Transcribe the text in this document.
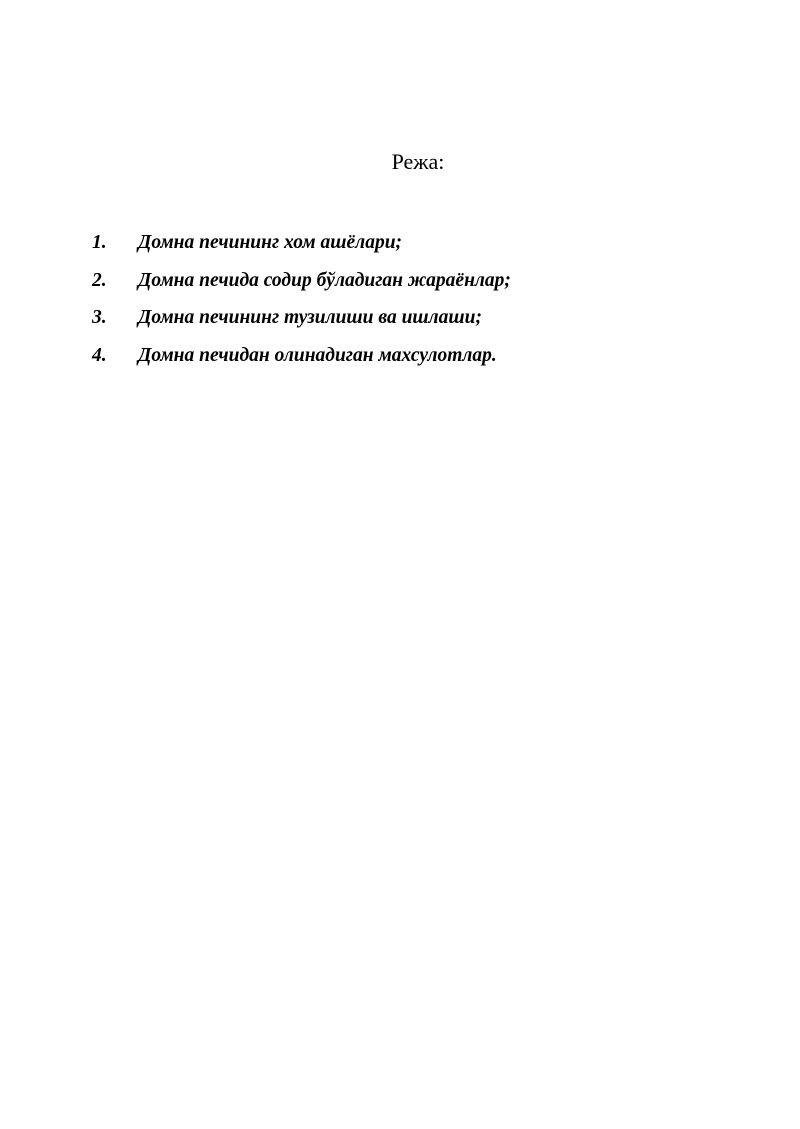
Режа:
1.	Домна печининг хом ашёлари;
2.	Домна печида содир бўладиган жараёнлар;
3.	Домна печининг тузилиши ва ишлаши;
4.	Домна печидан олинадиган махсулотлар.
